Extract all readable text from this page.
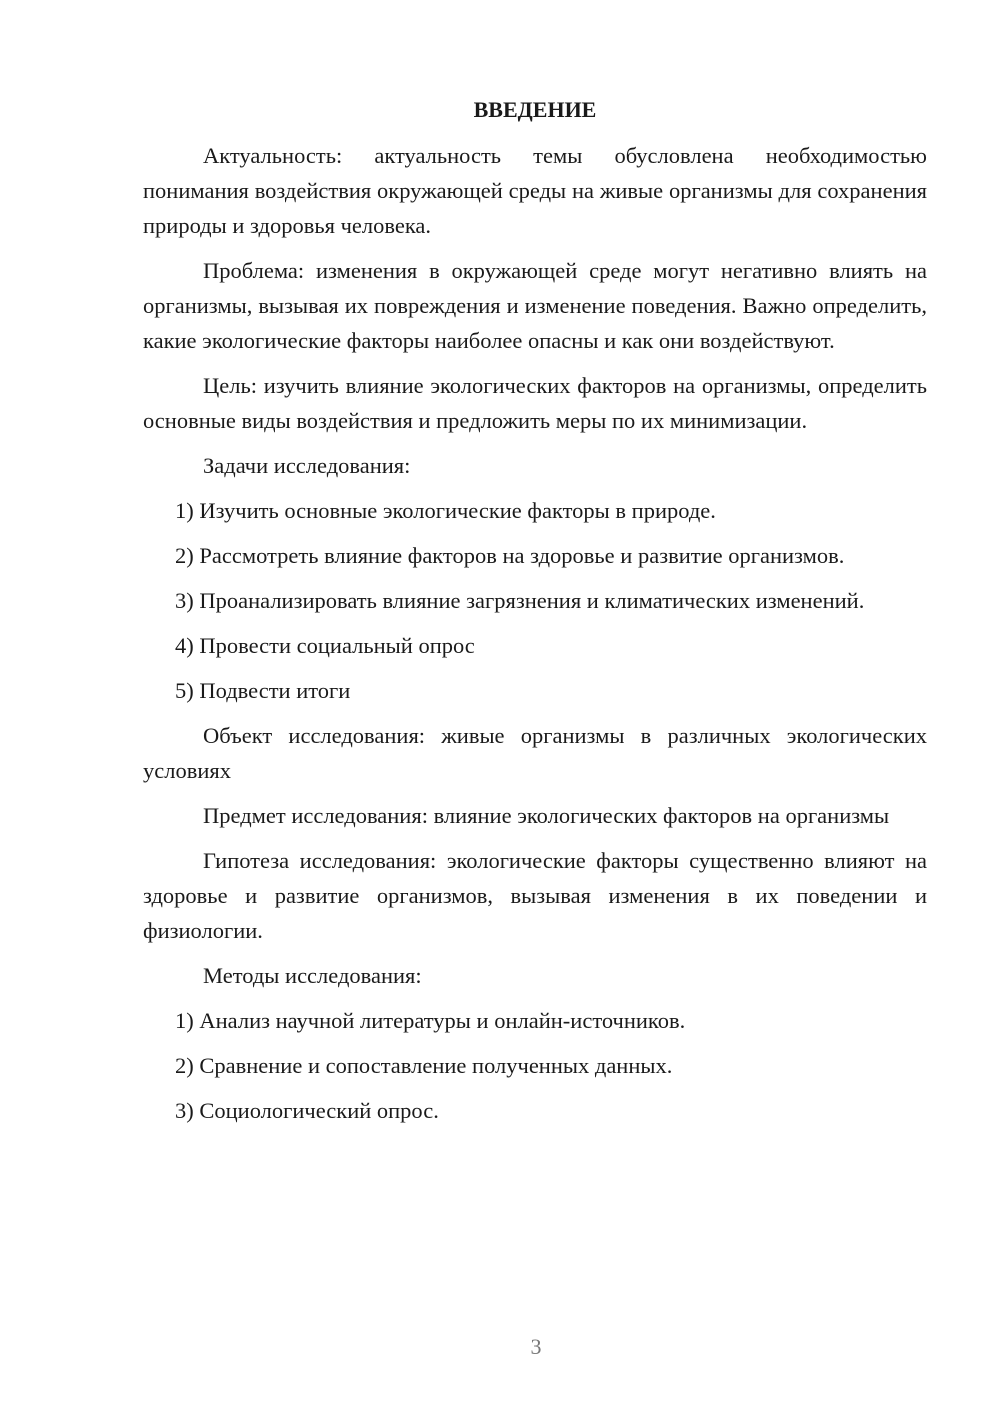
ВВЕДЕНИЕ
Актуальность: актуальность темы обусловлена необходимостью понимания воздействия окружающей среды на живые организмы для сохранения природы и здоровья человека.
Проблема: изменения в окружающей среде могут негативно влиять на организмы, вызывая их повреждения и изменение поведения. Важно определить, какие экологические факторы наиболее опасны и как они воздействуют.
Цель: изучить влияние экологических факторов на организмы, определить основные виды воздействия и предложить меры по их минимизации.
Задачи исследования:
1) Изучить основные экологические факторы в природе.
2) Рассмотреть влияние факторов на здоровье и развитие организмов.
3) Проанализировать влияние загрязнения и климатических изменений.
4) Провести социальный опрос
5) Подвести итоги
Объект исследования: живые организмы в различных экологических условиях
Предмет исследования: влияние экологических факторов на организмы
Гипотеза исследования: экологические факторы существенно влияют на здоровье и развитие организмов, вызывая изменения в их поведении и физиологии.
Методы исследования:
1) Анализ научной литературы и онлайн-источников.
2) Сравнение и сопоставление полученных данных.
3) Социологический опрос.
3
